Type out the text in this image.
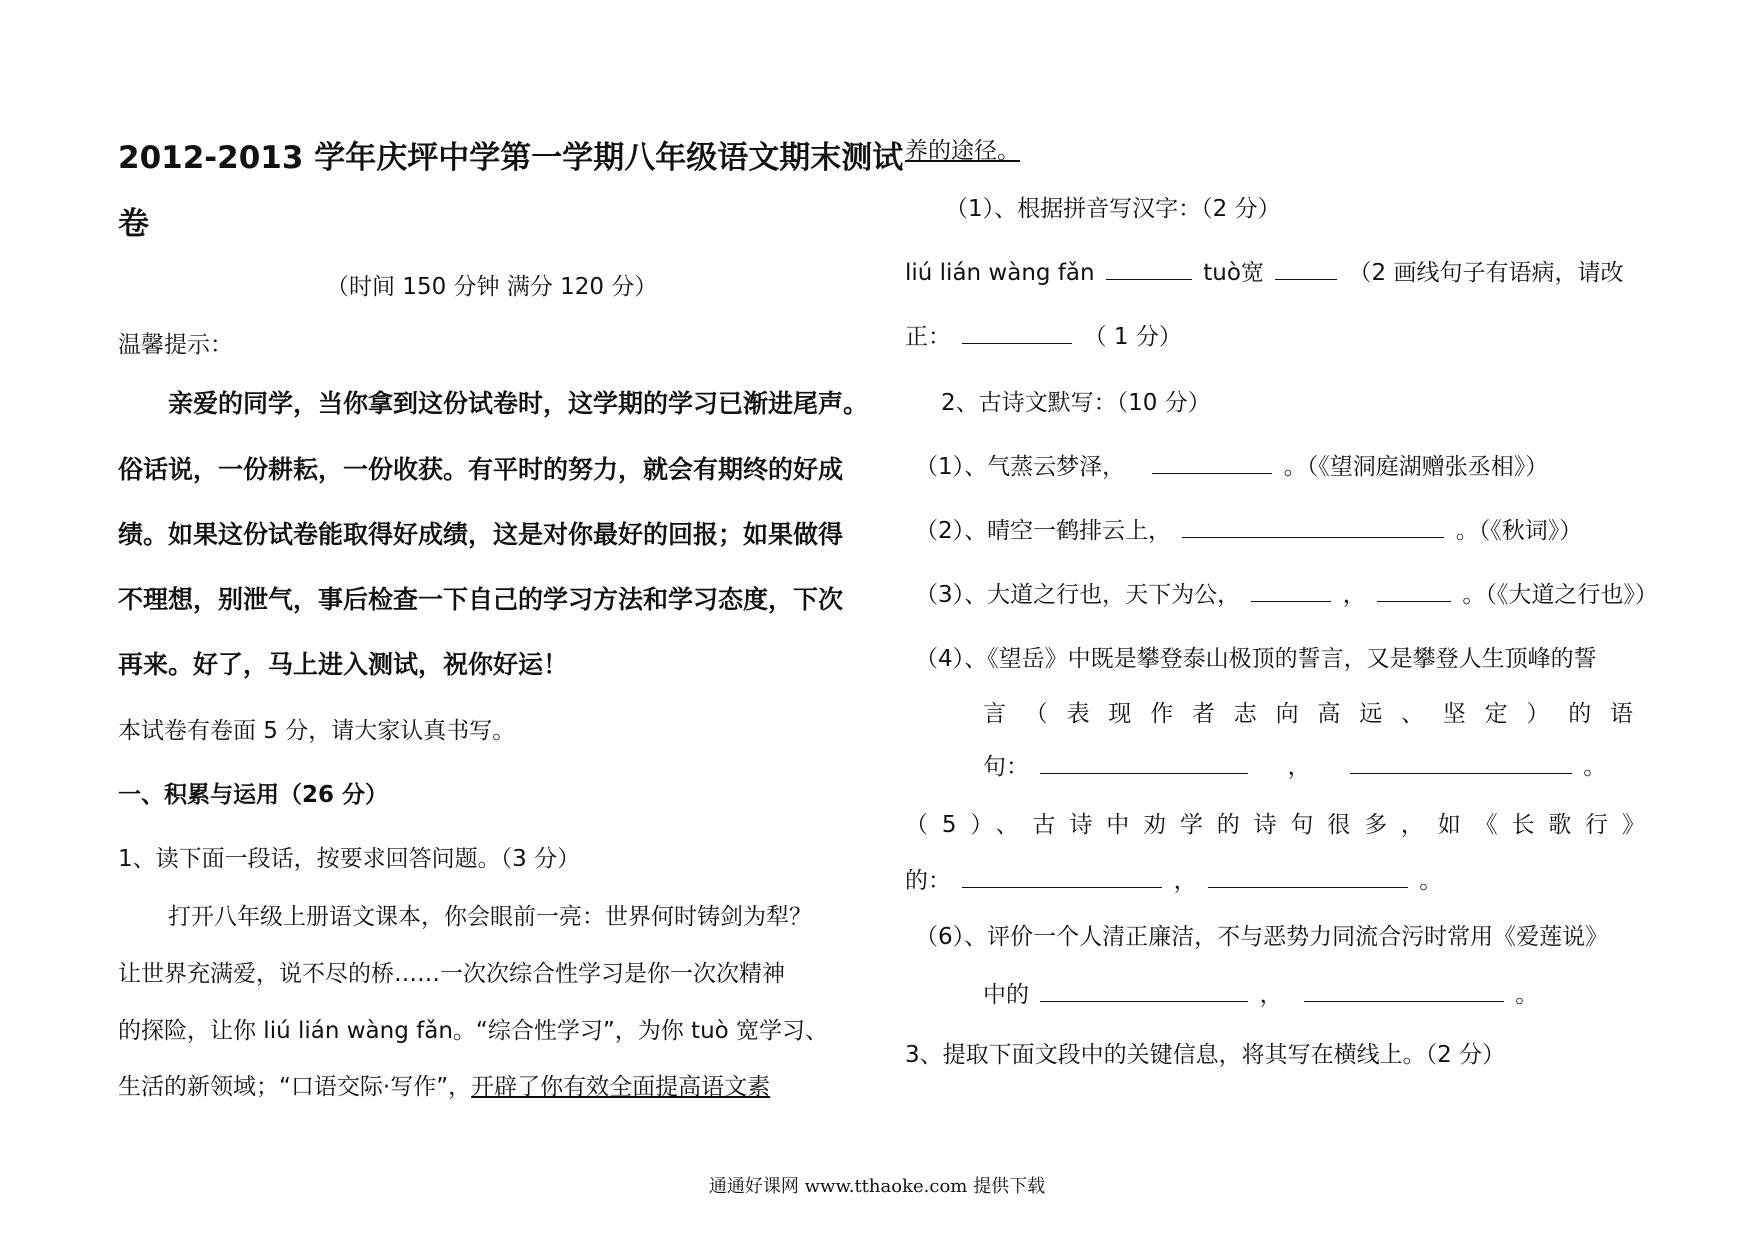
2012-2013 学年庆坪中学第一学期八年级语文期末测试
卷
（时间 150 分钟 满分 120 分）
温馨提示：
亲爱的同学，当你拿到这份试卷时，这学期的学习已渐进尾声。
俗话说，一份耕耘，一份收获。有平时的努力，就会有期终的好成
绩。如果这份试卷能取得好成绩，这是对你最好的回报；如果做得
不理想，别泄气，事后检查一下自己的学习方法和学习态度，下次
再来。好了，马上进入测试，祝你好运！
本试卷有卷面 5 分，请大家认真书写。
一、积累与运用（26 分）
1、读下面一段话，按要求回答问题。（3 分）
打开八年级上册语文课本，你会眼前一亮：世界何时铸剑为犁？
让世界充满爱，说不尽的桥……一次次综合性学习是你一次次精神
的探险，让你 liú lián wàng fǎn。“综合性学习”，为你 tuò 宽学习、
生活的新领域；“口语交际·写作”，开辟了你有效全面提高语文素
养的途径。
（1）、根据拼音写汉字：（2 分）
liú lián wàng fǎn	tuò宽	（2 画线句子有语病，请改
正：	（ 1 分）
2、古诗文默写：（10 分）
（1）、气蒸云梦泽，	。（《望洞庭湖赠张丞相》）
（2）、晴空一鹤排云上，	。（《秋词》）
（3）、大道之行也，天下为公，	，	。（《大道之行也》）
（4）、《望岳》中既是攀登泰山极顶的誓言，又是攀登人生顶峰的誓
言（表现作者志向高远、坚定）的语
句：	，	。
（5）、古诗中劝学的诗句很多，如《长歌行》
的：	，	。
（6）、评价一个人清正廉洁，不与恶势力同流合污时常用《爱莲说》
中的	，	。
3、提取下面文段中的关键信息，将其写在横线上。（2 分）
通通好课网 www.tthaoke.com 提供下载
